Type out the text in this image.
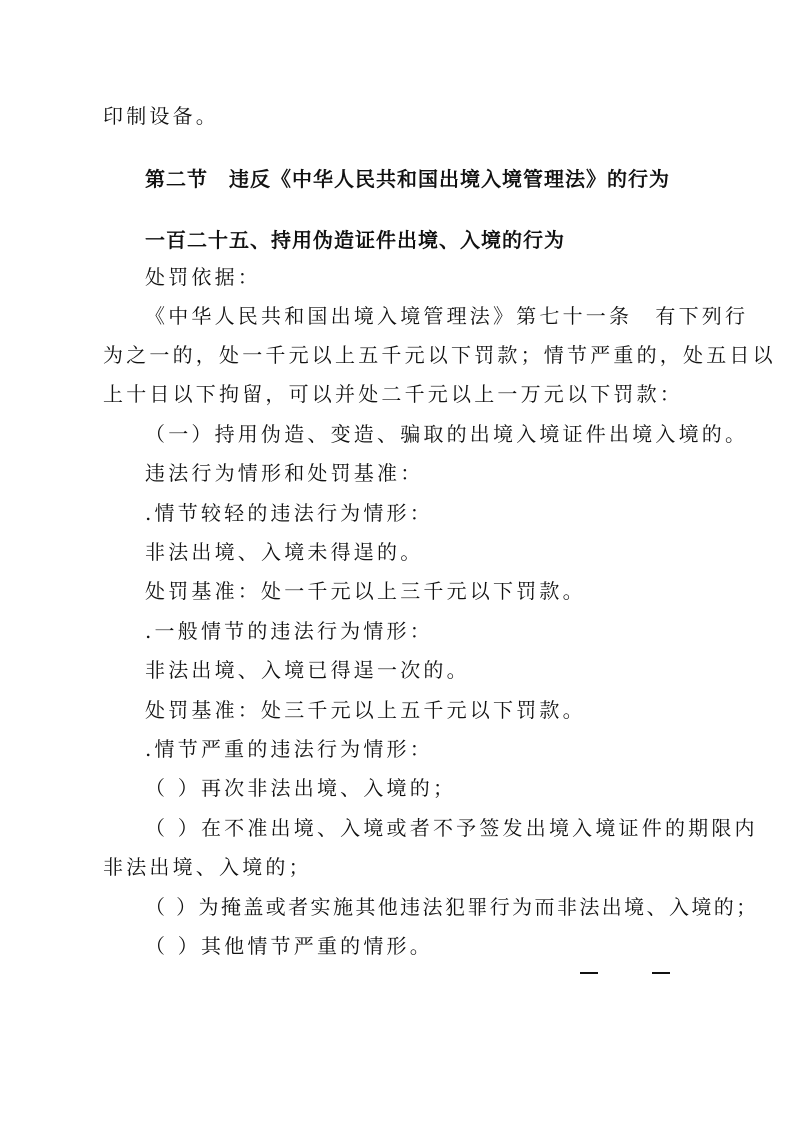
印制设备。
第二节　违反《中华人民共和国出境入境管理法》的行为
一百二十五、持用伪造证件出境、入境的行为
处罚依据：
《中华人民共和国出境入境管理法》第七十一条　有下列行
为之一的，处一千元以上五千元以下罚款；情节严重的，处五日以
上十日以下拘留，可以并处二千元以上一万元以下罚款：
（一）持用伪造、变造、骗取的出境入境证件出境入境的。
违法行为情形和处罚基准：
.情节较轻的违法行为情形：
非法出境、入境未得逞的。
处罚基准：处一千元以上三千元以下罚款。
.一般情节的违法行为情形：
非法出境、入境已得逞一次的。
处罚基准：处三千元以上五千元以下罚款。
.情节严重的违法行为情形：
（ ）再次非法出境、入境的；
（ ）在不准出境、入境或者不予签发出境入境证件的期限内
非法出境、入境的；
（ ）为掩盖或者实施其他违法犯罪行为而非法出境、入境的；
（ ）其他情节严重的情形。
